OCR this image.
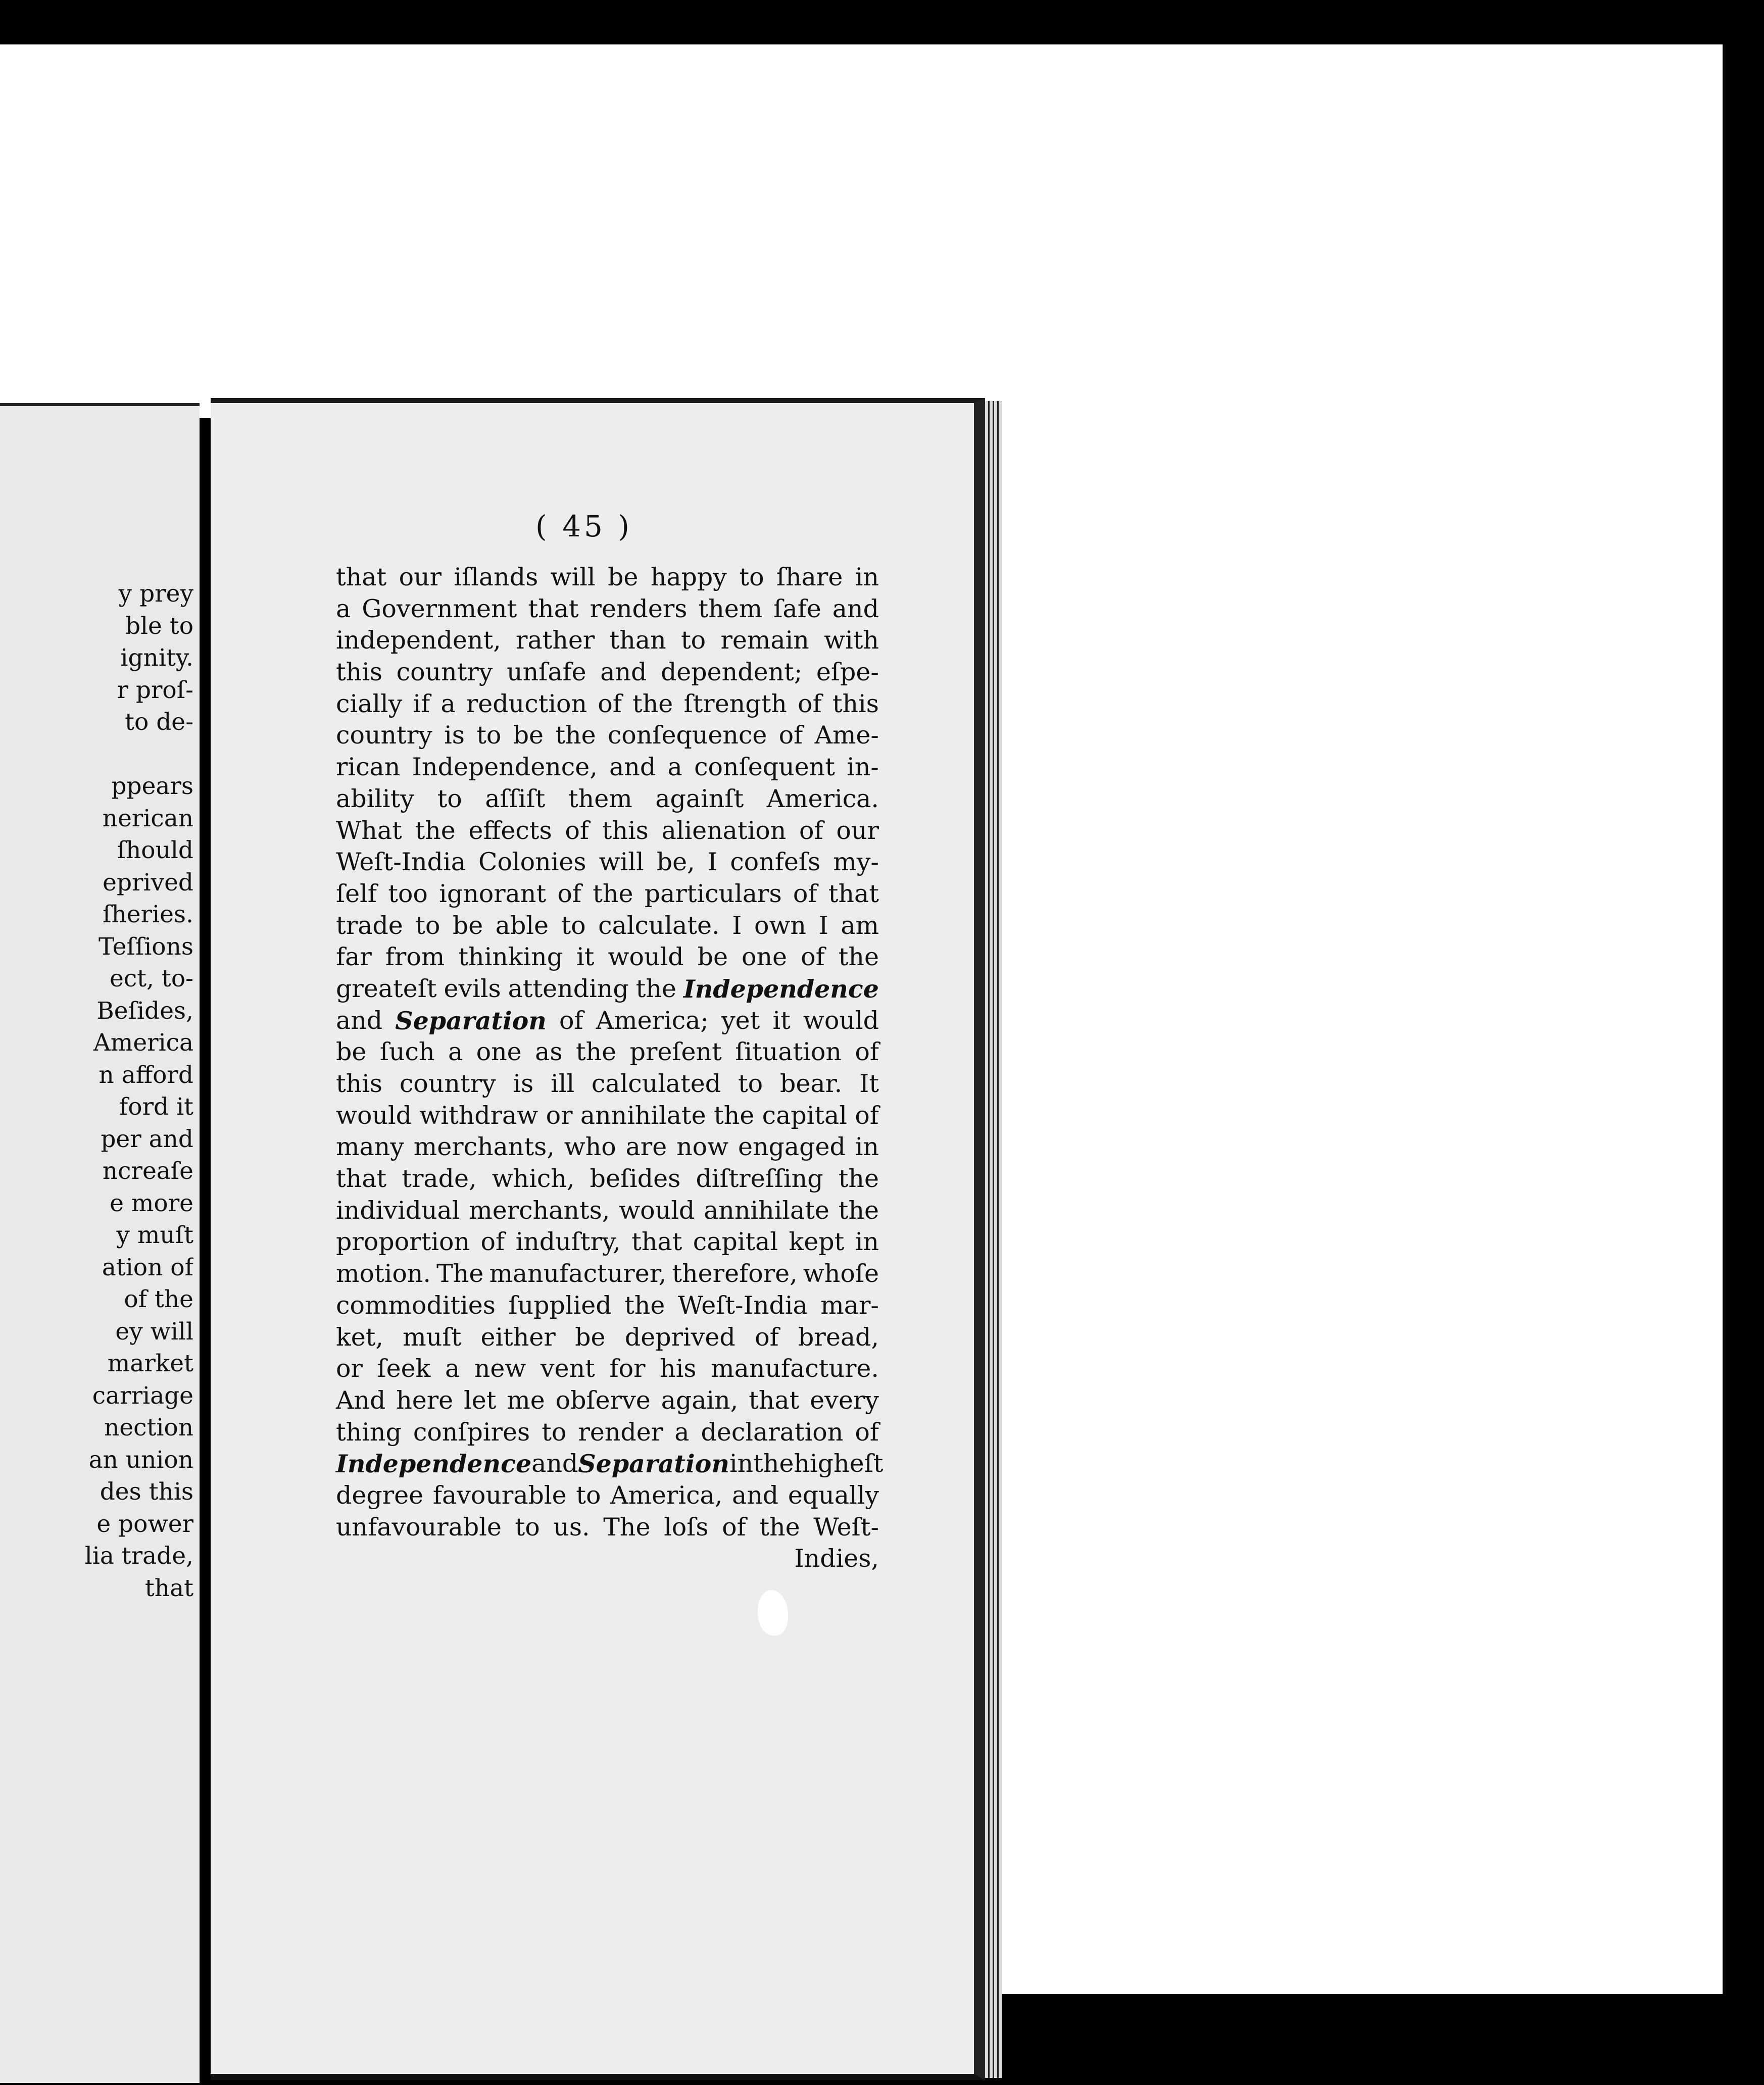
y prey
ble to
ignity.
r proſ-
to de-

ppears
nerican
ſhould
eprived
ſheries.
Teſſions
ect, to-
Beſides,
America
n afford
ford it
per and
ncreaſe
e more
y muſt
ation of
of the
ey will
market
carriage
nection
an union
des this
e power
lia trade,
that
( 45 )
that our iſlands will be happy to ſhare in
a Government that renders them ſafe and
independent, rather than to remain with
this country unſafe and dependent; eſpe-
cially if a reduction of the ſtrength of this
country is to be the conſequence of Ame-
rican Independence, and a conſequent in-
ability to aſſiſt them againſt America.
What the effects of this alienation of our
Weſt-India Colonies will be, I confeſs my-
ſelf too ignorant of the particulars of that
trade to be able to calculate. I own I am
far from thinking it would be one of the
greateſt evils attending the Independence
and Separation of America; yet it would
be ſuch a one as the preſent ſituation of
this country is ill calculated to bear. It
would withdraw or annihilate the capital of
many merchants, who are now engaged in
that trade, which, beſides diſtreſſing the
individual merchants, would annihilate the
proportion of induſtry, that capital kept in
motion. The manufacturer, therefore, whoſe
commodities ſupplied the Weſt-India mar-
ket, muſt either be deprived of bread,
or ſeek a new vent for his manufacture.
And here let me obſerve again, that every
thing conſpires to render a declaration of
Independence and Separation in the higheſt
degree favourable to America, and equally
unfavourable to us. The loſs of the Weſt-
Indies,
